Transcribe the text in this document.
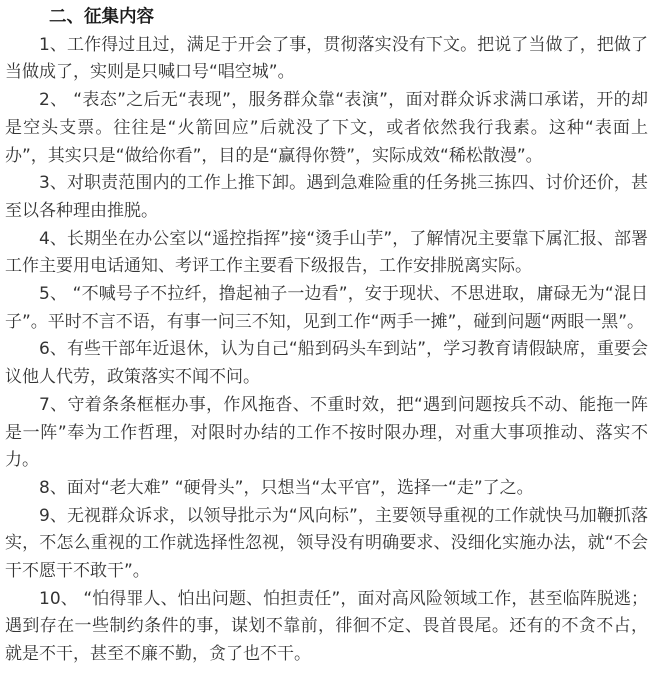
二、征集内容

1、工作得过且过，满足于开会了事，贯彻落实没有下文。把说了当做了，把做了当做成了，实则是只喊口号“唱空城”。

2、 “表态”之后无“表现”，服务群众靠“表演”，面对群众诉求满口承诺，开的却是空头支票。往往是“火箭回应”后就没了下文，或者依然我行我素。这种“表面上办”，其实只是“做给你看”，目的是“赢得你赞”，实际成效“稀松散漫”。

3、对职责范围内的工作上推下卸。遇到急难险重的任务挑三拣四、讨价还价，甚至以各种理由推脱。

4、长期坐在办公室以“遥控指挥”接“烫手山芋”，了解情况主要靠下属汇报、部署工作主要用电话通知、考评工作主要看下级报告，工作安排脱离实际。

5、 “不喊号子不拉纤，撸起袖子一边看”，安于现状、不思进取，庸碌无为“混日子”。平时不言不语，有事一问三不知，见到工作“两手一摊”，碰到问题“两眼一黑”。

6、有些干部年近退休，认为自己“船到码头车到站”，学习教育请假缺席，重要会议他人代劳，政策落实不闻不问。

7、守着条条框框办事，作风拖沓、不重时效，把“遇到问题按兵不动、能拖一阵是一阵”奉为工作哲理，对限时办结的工作不按时限办理，对重大事项推动、落实不力。

8、面对“老大难” “硬骨头”，只想当“太平官”，选择一“走”了之。

9、无视群众诉求，以领导批示为“风向标”，主要领导重视的工作就快马加鞭抓落实，不怎么重视的工作就选择性忽视，领导没有明确要求、没细化实施办法，就“不会干不愿干不敢干”。

10、 “怕得罪人、怕出问题、怕担责任”，面对高风险领域工作，甚至临阵脱逃；遇到存在一些制约条件的事，谋划不靠前，徘徊不定、畏首畏尾。还有的不贪不占，就是不干，甚至不廉不勤，贪了也不干。
